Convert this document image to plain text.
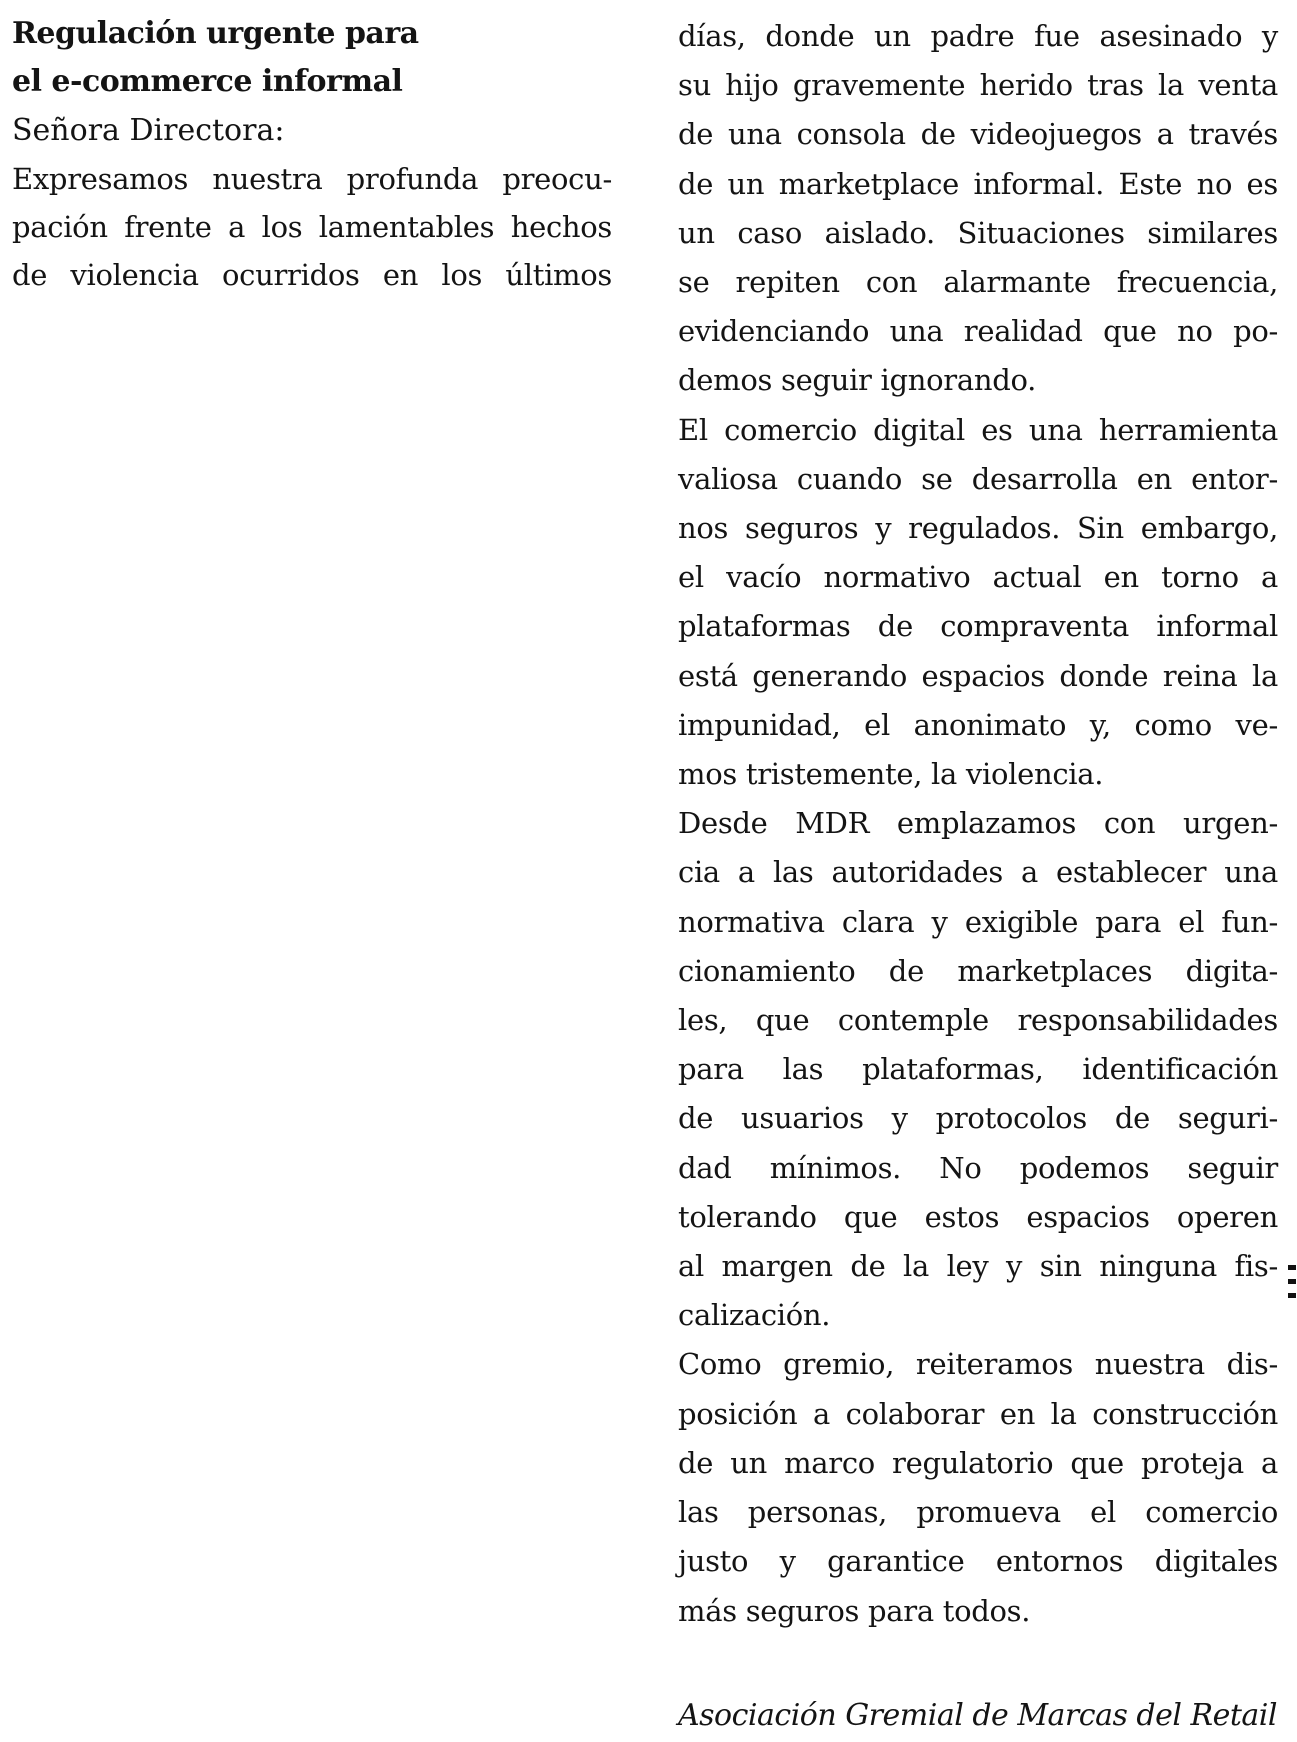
Regulación urgente para
el e-commerce informal

Señora Directora:

Expresamos nuestra profunda preocu-
pación frente a los lamentables hechos
de violencia ocurridos en los últimos

días, donde un padre fue asesinado y
su hijo gravemente herido tras la venta
de una consola de videojuegos a través
de un marketplace informal. Este no es
un caso aislado. Situaciones similares
se repiten con alarmante frecuencia,
evidenciando una realidad que no po-
demos seguir ignorando.

El comercio digital es una herramienta
valiosa cuando se desarrolla en entor-
nos seguros y regulados. Sin embargo,
el vacío normativo actual en torno a
plataformas de compraventa informal
está generando espacios donde reina la
impunidad, el anonimato y, como ve-
mos tristemente, la violencia.

Desde MDR emplazamos con urgen-
cia a las autoridades a establecer una
normativa clara y exigible para el fun-
cionamiento de marketplaces digita-
les, que contemple responsabilidades
para las plataformas, identificación
de usuarios y protocolos de seguri-
dad mínimos. No podemos seguir
tolerando que estos espacios operen
al margen de la ley y sin ninguna fis-
calización.

Como gremio, reiteramos nuestra dis-
posición a colaborar en la construcción
de un marco regulatorio que proteja a
las personas, promueva el comercio
justo y garantice entornos digitales
más seguros para todos.

Asociación Gremial de Marcas del Retail
